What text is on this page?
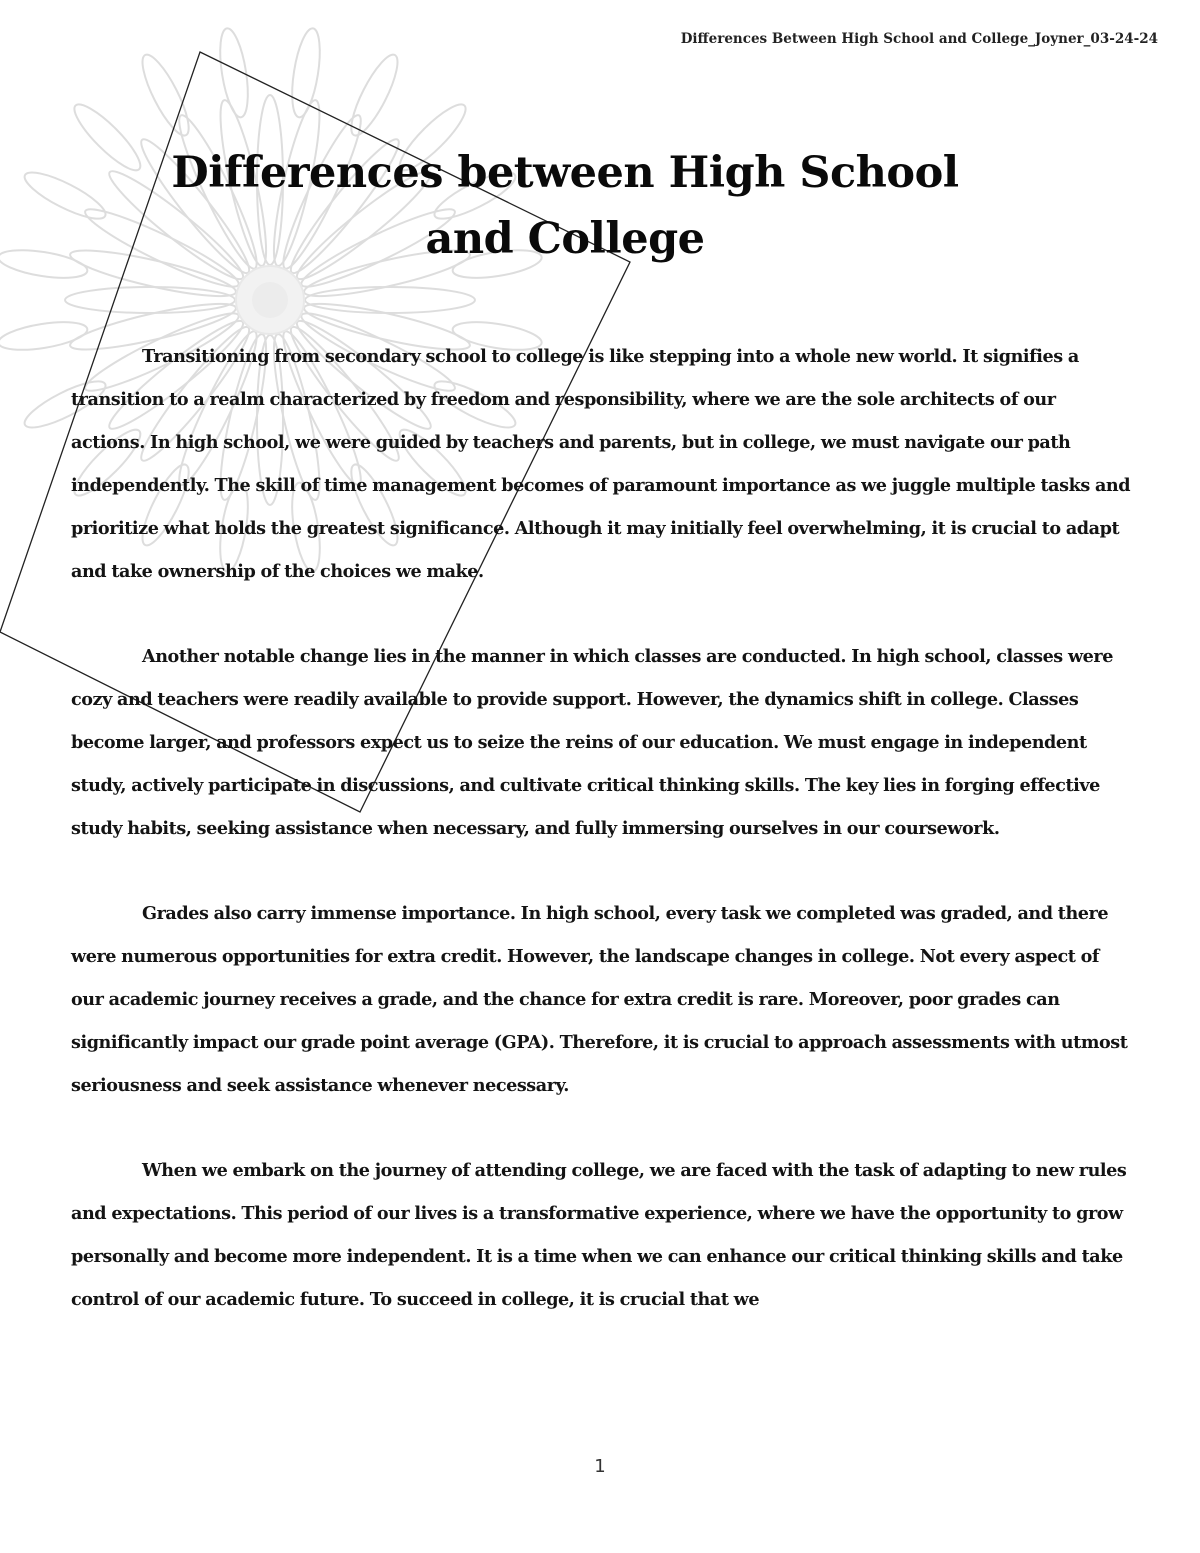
Differences Between High School and College_Joyner_03-24-24
Differences between High School and College

Transitioning from secondary school to college is like stepping into a whole new world. It signifies a transition to a realm characterized by freedom and responsibility, where we are the sole architects of our actions. In high school, we were guided by teachers and parents, but in college, we must navigate our path independently. The skill of time management becomes of paramount importance as we juggle multiple tasks and prioritize what holds the greatest significance. Although it may initially feel overwhelming, it is crucial to adapt and take ownership of the choices we make.

Another notable change lies in the manner in which classes are conducted. In high school, classes were cozy and teachers were readily available to provide support. However, the dynamics shift in college. Classes become larger, and professors expect us to seize the reins of our education. We must engage in independent study, actively participate in discussions, and cultivate critical thinking skills. The key lies in forging effective study habits, seeking assistance when necessary, and fully immersing ourselves in our coursework.

Grades also carry immense importance. In high school, every task we completed was graded, and there were numerous opportunities for extra credit. However, the landscape changes in college. Not every aspect of our academic journey receives a grade, and the chance for extra credit is rare. Moreover, poor grades can significantly impact our grade point average (GPA). Therefore, it is crucial to approach assessments with utmost seriousness and seek assistance whenever necessary.

When we embark on the journey of attending college, we are faced with the task of adapting to new rules and expectations. This period of our lives is a transformative experience, where we have the opportunity to grow personally and become more independent. It is a time when we can enhance our critical thinking skills and take control of our academic future. To succeed in college, it is crucial that we

1
